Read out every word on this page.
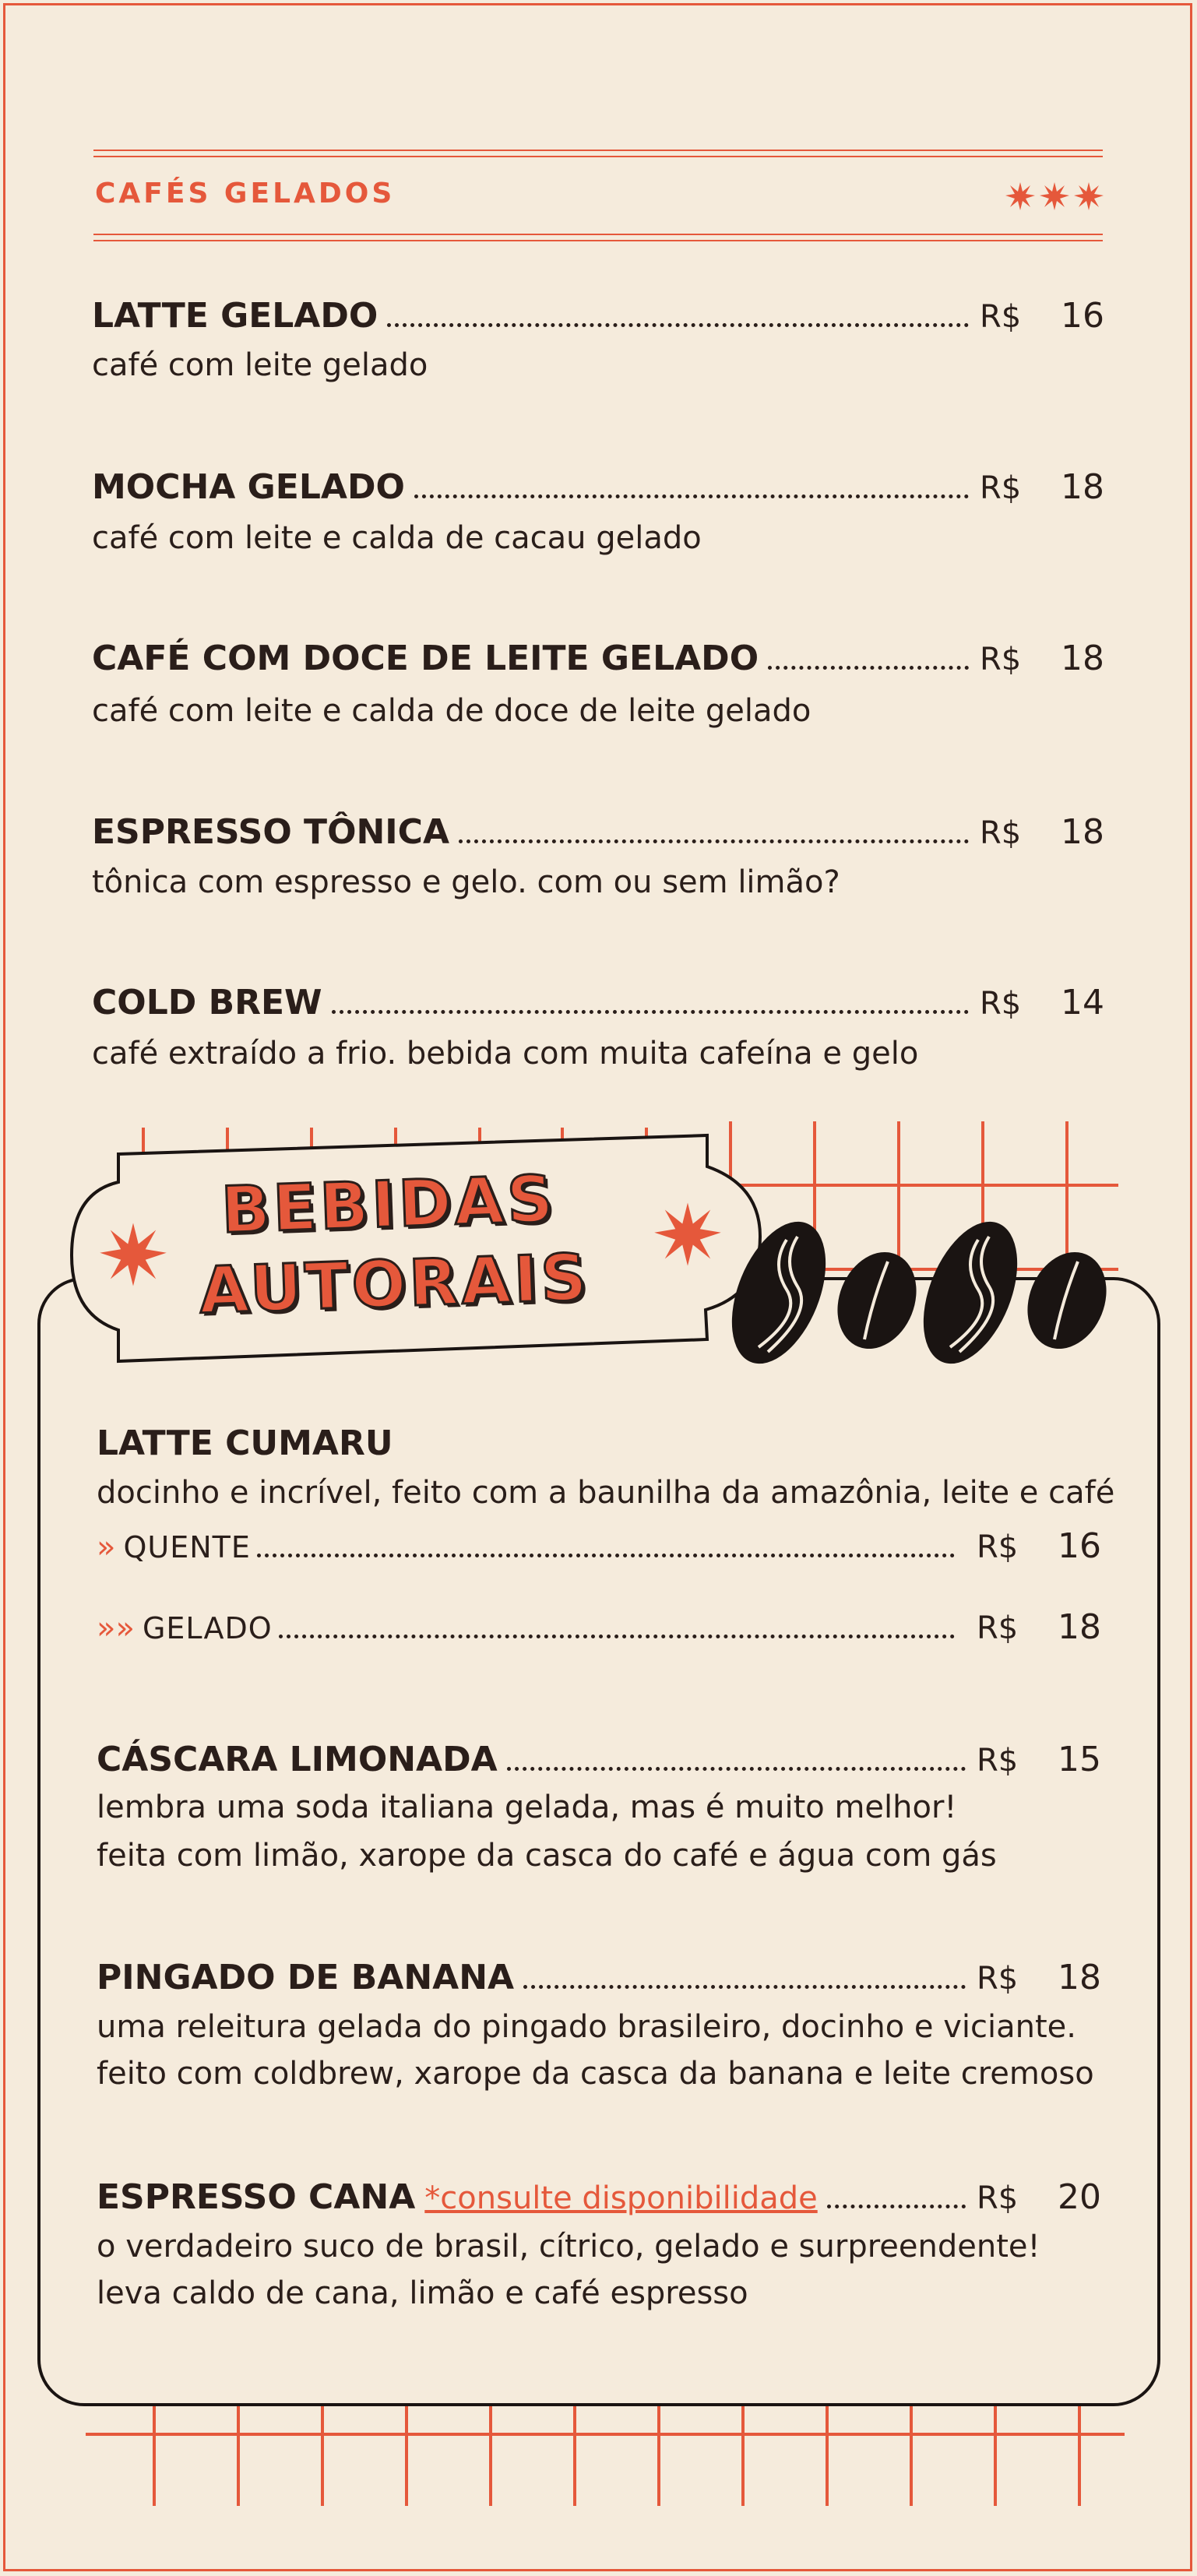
CAFÉS GELADOS
LATTE GELADO	R$	16
café com leite gelado
MOCHA GELADO	R$	18
café com leite e calda de cacau gelado
CAFÉ COM DOCE DE LEITE GELADO	R$	18
café com leite e calda de doce de leite gelado
ESPRESSO TÔNICA	R$	18
tônica com espresso e gelo. com ou sem limão?
COLD BREW	R$	14
café extraído a frio. bebida com muita cafeína e gelo
BEBIDAS
AUTORAIS
LATTE CUMARU
docinho e incrível, feito com a baunilha da amazônia, leite e café
» QUENTE	R$	16
»» GELADO	R$	18
CÁSCARA LIMONADA	R$	15
lembra uma soda italiana gelada, mas é muito melhor!
feita com limão, xarope da casca do café e água com gás
PINGADO DE BANANA	R$	18
uma releitura gelada do pingado brasileiro, docinho e viciante.
feito com coldbrew, xarope da casca da banana e leite cremoso
ESPRESSO CANA *consulte disponibilidade	R$	20
o verdadeiro suco de brasil, cítrico, gelado e surpreendente!
leva caldo de cana, limão e café espresso
